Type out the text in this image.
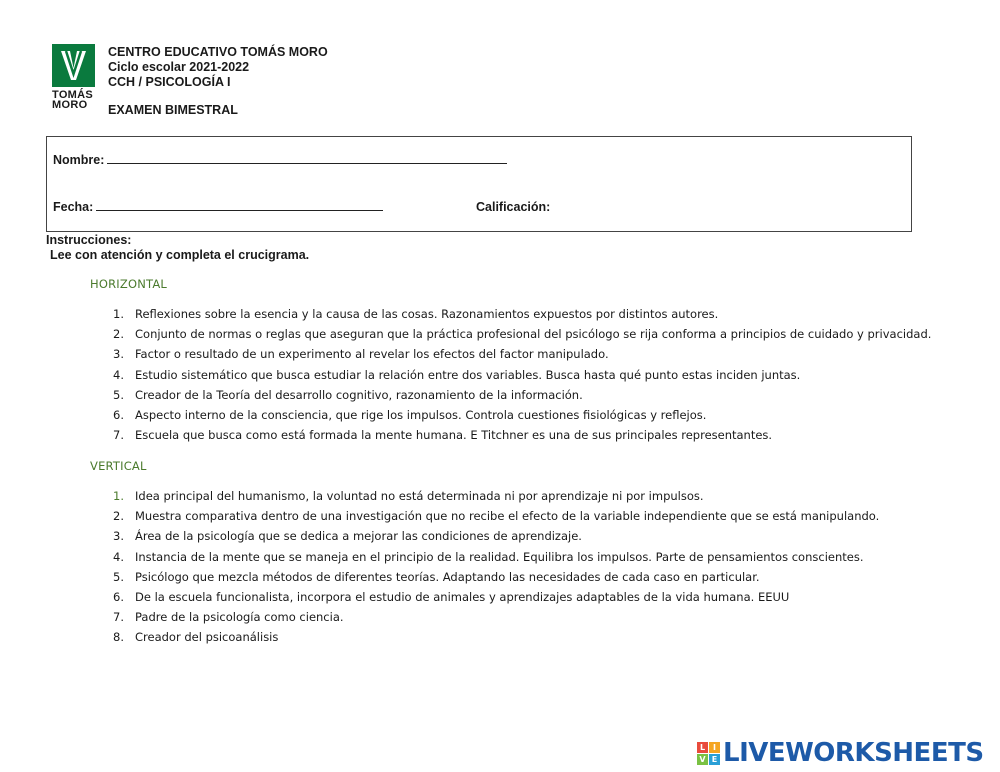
TOMÁS
MORO
CENTRO EDUCATIVO TOMÁS MORO
Ciclo escolar 2021-2022
CCH / PSICOLOGÍA I
EXAMEN BIMESTRAL
Nombre:
Fecha:	Calificación:
Instrucciones:
Lee con atención y completa el crucigrama.
HORIZONTAL
1. Reflexiones sobre la esencia y la causa de las cosas. Razonamientos expuestos por distintos autores.
2. Conjunto de normas o reglas que aseguran que la práctica profesional del psicólogo se rija conforma a principios de cuidado y privacidad.
3. Factor o resultado de un experimento al revelar los efectos del factor manipulado.
4. Estudio sistemático que busca estudiar la relación entre dos variables. Busca hasta qué punto estas inciden juntas.
5. Creador de la Teoría del desarrollo cognitivo, razonamiento de la información.
6. Aspecto interno de la consciencia, que rige los impulsos. Controla cuestiones fisiológicas y reflejos.
7. Escuela que busca como está formada la mente humana. E Titchner es una de sus principales representantes.
VERTICAL
1. Idea principal del humanismo, la voluntad no está determinada ni por aprendizaje ni por impulsos.
2. Muestra comparativa dentro de una investigación que no recibe el efecto de la variable independiente que se está manipulando.
3. Área de la psicología que se dedica a mejorar las condiciones de aprendizaje.
4. Instancia de la mente que se maneja en el principio de la realidad. Equilibra los impulsos. Parte de pensamientos conscientes.
5. Psicólogo que mezcla métodos de diferentes teorías. Adaptando las necesidades de cada caso en particular.
6. De la escuela funcionalista, incorpora el estudio de animales y aprendizajes adaptables de la vida humana. EEUU
7. Padre de la psicología como ciencia.
8. Creador del psicoanálisis
L I
V E LIVEWORKSHEETS
